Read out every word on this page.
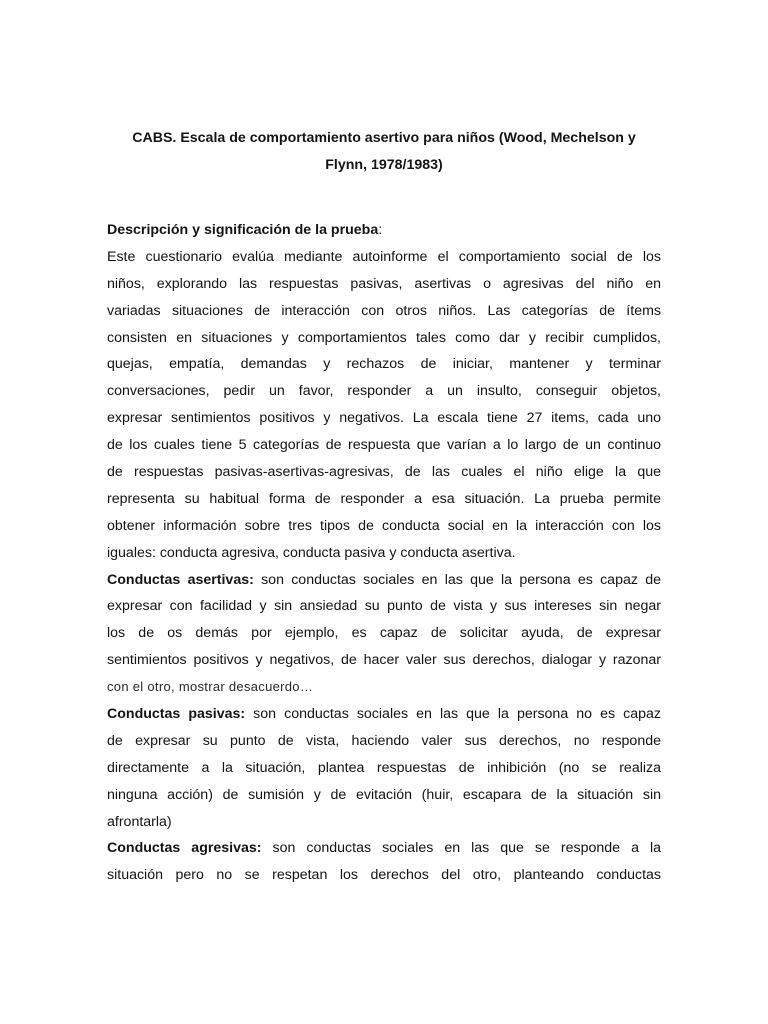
CABS. Escala de comportamiento asertivo para niños (Wood, Mechelson y
Flynn, 1978/1983)
Descripción y significación de la prueba:
Este cuestionario evalúa mediante autoinforme el comportamiento social de los
niños, explorando las respuestas pasivas, asertivas o agresivas del niño en
variadas situaciones de interacción con otros niños. Las categorías de ítems
consisten en situaciones y comportamientos tales como dar y recibir cumplidos,
quejas, empatía, demandas y rechazos de iniciar, mantener y terminar
conversaciones, pedir un favor, responder a un insulto, conseguir objetos,
expresar sentimientos positivos y negativos. La escala tiene 27 items, cada uno
de los cuales tiene 5 categorías de respuesta que varían a lo largo de un continuo
de respuestas pasivas-asertivas-agresivas, de las cuales el niño elige la que
representa su habitual forma de responder a esa situación. La prueba permite
obtener información sobre tres tipos de conducta social en la interacción con los
iguales: conducta agresiva, conducta pasiva y conducta asertiva.
Conductas asertivas: son conductas sociales en las que la persona es capaz de
expresar con facilidad y sin ansiedad su punto de vista y sus intereses sin negar
los de os demás por ejemplo, es capaz de solicitar ayuda, de expresar
sentimientos positivos y negativos, de hacer valer sus derechos, dialogar y razonar
con el otro, mostrar desacuerdo…
Conductas pasivas: son conductas sociales en las que la persona no es capaz
de expresar su punto de vista, haciendo valer sus derechos, no responde
directamente a la situación, plantea respuestas de inhibición (no se realiza
ninguna acción) de sumisión y de evitación (huir, escapara de la situación sin
afrontarla)
Conductas agresivas: son conductas sociales en las que se responde a la
situación pero no se respetan los derechos del otro, planteando conductas
